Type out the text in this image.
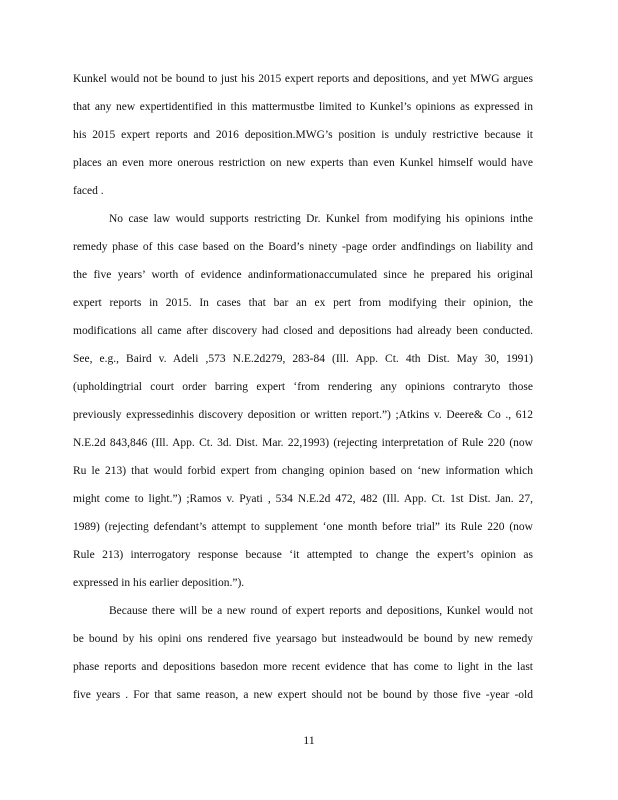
Kunkel would not be bound to just his 2015 expert reports and depositions, and yet MWG argues
that any new expertidentified in this mattermustbe limited to Kunkel’s opinions as expressed in
his 2015 expert reports and 2016 deposition.MWG’s position is unduly restrictive because it
places an even more onerous restriction on new experts than even Kunkel himself would have
faced .
No case law would supports restricting Dr. Kunkel from modifying his opinions inthe
remedy phase of this case based on the Board’s ninety -page order andfindings on liability and
the five years’ worth of evidence andinformationaccumulated since he prepared his original
expert reports in 2015. In cases that bar an ex pert from modifying their opinion, the
modifications all came after discovery had closed and depositions had already been conducted.
See, e.g., Baird v. Adeli ,573 N.E.2d279, 283-84 (Ill. App. Ct. 4th Dist. May 30, 1991)
(upholdingtrial court order barring expert ‘from rendering any opinions contraryto those
previously expressedinhis discovery deposition or written report.”) ;Atkins v. Deere& Co ., 612
N.E.2d 843,846 (Ill. App. Ct. 3d. Dist. Mar. 22,1993) (rejecting interpretation of Rule 220 (now
Ru le 213) that would forbid expert from changing opinion based on ‘new information which
might come to light.”) ;Ramos v. Pyati , 534 N.E.2d 472, 482 (Ill. App. Ct. 1st Dist. Jan. 27,
1989) (rejecting defendant’s attempt to supplement ‘one month before trial” its Rule 220 (now
Rule 213) interrogatory response because ‘it attempted to change the expert’s opinion as
expressed in his earlier deposition.”).
Because there will be a new round of expert reports and depositions, Kunkel would not
be bound by his opini ons rendered five yearsago but insteadwould be bound by new remedy
phase reports and depositions basedon more recent evidence that has come to light in the last
five years . For that same reason, a new expert should not be bound by those five -year -old
11
